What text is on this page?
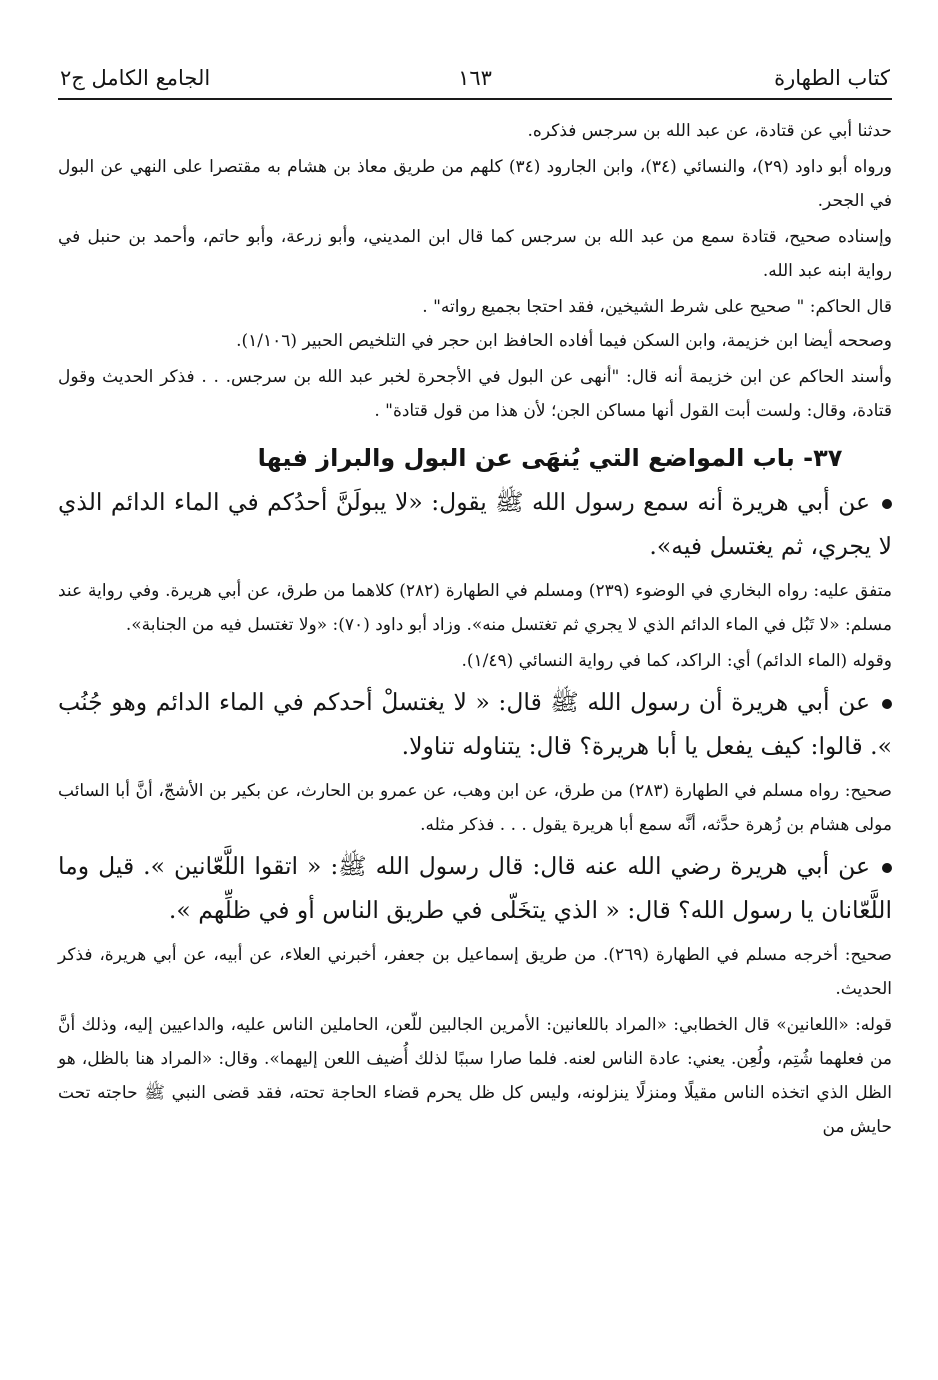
كتاب الطهارة
١٦٣
الجامع الكامل ج٢

حدثنا أبي عن قتادة، عن عبد الله بن سرجس فذكره.

ورواه أبو داود (٢٩)، والنسائي (٣٤)، وابن الجارود (٣٤) كلهم من طريق معاذ بن هشام به مقتصرا على النهي عن البول في الجحر.

وإسناده صحيح، قتادة سمع من عبد الله بن سرجس كما قال ابن المديني، وأبو زرعة، وأبو حاتم، وأحمد بن حنبل في رواية ابنه عبد الله.

قال الحاكم: " صحيح على شرط الشيخين، فقد احتجا بجميع رواته" .

وصححه أيضا ابن خزيمة، وابن السكن فيما أفاده الحافظ ابن حجر في التلخيص الحبير (١/١٠٦).

وأسند الحاكم عن ابن خزيمة أنه قال: "أنهى عن البول في الأجحرة لخبر عبد الله بن سرجس. . . فذكر الحديث وقول قتادة، وقال: ولست أبت القول أنها مساكن الجن؛ لأن هذا من قول قتادة" .

٣٧- باب المواضع التي يُنهَى عن البول والبراز فيها

عن أبي هريرة أنه سمع رسول الله ﷺ يقول: «لا يبولَنَّ أحدُكم في الماء الدائم الذي لا يجري، ثم يغتسل فيه».

متفق عليه: رواه البخاري في الوضوء (٢٣٩) ومسلم في الطهارة (٢٨٢) كلاهما من طرق، عن أبي هريرة. وفي رواية عند مسلم: «لا تَبُل في الماء الدائم الذي لا يجري ثم تغتسل منه». وزاد أبو داود (٧٠): «ولا تغتسل فيه من الجنابة».

وقوله (الماء الدائم) أي: الراكد، كما في رواية النسائي (١/٤٩).

عن أبي هريرة أن رسول الله ﷺ قال: « لا يغتسلْ أحدكم في الماء الدائم وهو جُنُب ». قالوا: كيف يفعل يا أبا هريرة؟ قال: يتناوله تناولا.

صحيح: رواه مسلم في الطهارة (٢٨٣) من طرق، عن ابن وهب، عن عمرو بن الحارث، عن بكير بن الأشجّ، أنَّ أبا السائب مولى هشام بن زُهرة حدَّثه، أنَّه سمع أبا هريرة يقول . . . فذكر مثله.

عن أبي هريرة رضي الله عنه قال: قال رسول الله ﷺ: « اتقوا اللَّعّانين ». قيل وما اللَّعّانان يا رسول الله؟ قال: « الذي يتخَلّى في طريق الناس أو في ظلِّهم ».

صحيح: أخرجه مسلم في الطهارة (٢٦٩). من طريق إسماعيل بن جعفر، أخبرني العلاء، عن أبيه، عن أبي هريرة، فذكر الحديث.

قوله: «اللعانين» قال الخطابي: «المراد باللعانين: الأمرين الجالبين للّعن، الحاملين الناس عليه، والداعيين إليه، وذلك أنَّ من فعلهما شُتِم، ولُعِن. يعني: عادة الناس لعنه. فلما صارا سببًا لذلك أُضيف اللعن إليهما». وقال: «المراد هنا بالظل، هو الظل الذي اتخذه الناس مقيلًا ومنزلًا ينزلونه، وليس كل ظل يحرم قضاء الحاجة تحته، فقد قضى النبي ﷺ حاجته تحت حايش من
